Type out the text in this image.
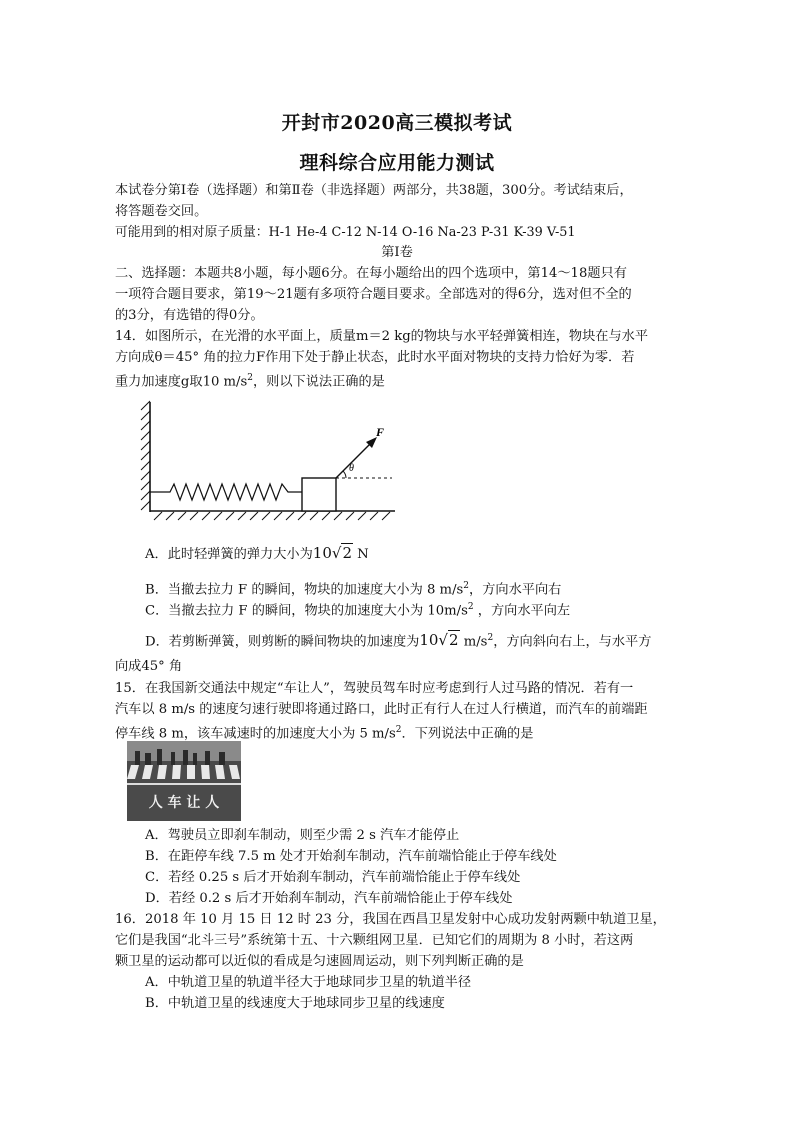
开封市2020高三模拟考试
理科综合应用能力测试
本试卷分第Ⅰ卷（选择题）和第Ⅱ卷（非选择题）两部分，共38题，300分。考试结束后，
将答题卷交回。
可能用到的相对原子质量：H-1 He-4 C-12 N-14 O-16 Na-23 P-31 K-39 V-51
第Ⅰ卷
二、选择题：本题共8小题，每小题6分。在每小题给出的四个选项中，第14～18题只有
一项符合题目要求，第19～21题有多项符合题目要求。全部选对的得6分，选对但不全的
的3分，有选错的得0分。
14．如图所示，在光滑的水平面上，质量m＝2 kg的物块与水平轻弹簧相连，物块在与水平
方向成θ＝45° 角的拉力F作用下处于静止状态，此时水平面对物块的支持力恰好为零．若
重力加速度g取10 $m/s^2$，则以下说法正确的是
F
θ
A．此时轻弹簧的弹力大小为10√2 N
B．当撤去拉力 F 的瞬间，物块的加速度大小为 8 $m/s^2$，方向水平向右
C．当撤去拉力 F 的瞬间，物块的加速度大小为 $10m/s^2$ ，方向水平向左
D．若剪断弹簧，则剪断的瞬间物块的加速度为10√2 $m/s^2$，方向斜向右上，与水平方
向成45° 角
15．在我国新交通法中规定“车让人”，驾驶员驾车时应考虑到行人过马路的情况．若有一
汽车以 8 m/s 的速度匀速行驶即将通过路口，此时正有行人在过人行横道，而汽车的前端距
停车线 8 m，该车减速时的加速度大小为 5 $m/s^2$．下列说法中正确的是
人 车 让 人
A．驾驶员立即刹车制动，则至少需 2 s 汽车才能停止
B．在距停车线 7.5 m 处才开始刹车制动，汽车前端恰能止于停车线处
C．若经 0.25 s 后才开始刹车制动，汽车前端恰能止于停车线处
D．若经 0.2 s 后才开始刹车制动，汽车前端恰能止于停车线处
16．2018 年 10 月 15 日 12 时 23 分，我国在西昌卫星发射中心成功发射两颗中轨道卫星，
它们是我国“北斗三号”系统第十五、十六颗组网卫星．已知它们的周期为 8 小时，若这两
颗卫星的运动都可以近似的看成是匀速圆周运动，则下列判断正确的是
A．中轨道卫星的轨道半径大于地球同步卫星的轨道半径
B．中轨道卫星的线速度大于地球同步卫星的线速度
